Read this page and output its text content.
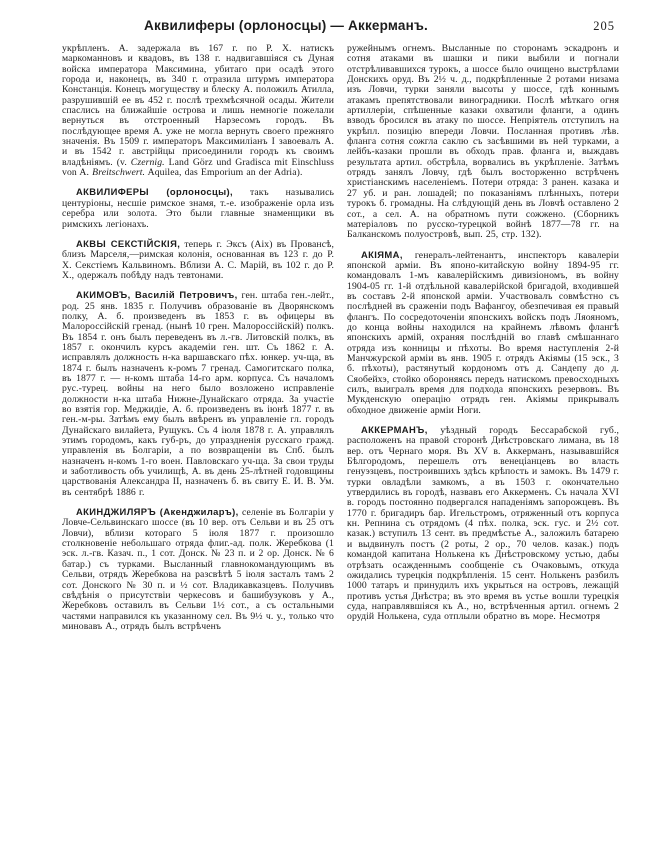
Аквилиферы (орлоносцы) — Аккерманъ.	205

укрѣпленъ. А. задержала въ 167 г. по Р. Х. натискъ маркоманновъ и квадовъ, въ 138 г. надвигавшіяся съ Дуная войска императора Максимина, убитаго при осадѣ этого города и, наконецъ, въ 340 г. отразила штурмъ императора Констанція. Конецъ могуществу и блеску А. положилъ Атилла, разрушившій ее въ 452 г. послѣ трехмѣсячной осады. Жители спаслись на ближайшіе острова и лишь немногіе пожелали вернуться въ отстроенный Нарзесомъ городъ. Въ послѣдующее время А. уже не могла вернуть своего прежняго значенія. Въ 1509 г. императоръ Максимиліанъ I завоевалъ А. и въ 1542 г. австрійцы присоединили городъ къ своимъ владѣніямъ. (v. Czernig. Land Görz und Gradisca mit Einschluss von A. Breitschwert. Aquilea, das Emporium an der Adria).

АКВИЛИФЕРЫ (орлоносцы), такъ назывались центуріоны, несшіе римское знамя, т.-е. изображеніе орла изъ серебра или золота. Это были главные знаменщики въ римскихъ легіонахъ.

АКВЫ СЕКСТІЙСКІЯ, теперь г. Эксъ (Aix) въ Провансѣ, близъ Марселя,—римская колонія, основанная въ 123 г. до Р. Х. Секстіемъ Кальвиномъ. Вблизи А. С. Марій, въ 102 г. до Р. Х., одержалъ побѣду надъ тевтонами.

АКИМОВЪ, Василій Петровичъ, ген. штаба ген.-лейт., род. 25 янв. 1835 г. Получивъ образованіе въ Дворянскомъ полку, А. б. произведенъ въ 1853 г. въ офицеры въ Малороссійскій гренад. (нынѣ 10 грен. Малороссійскій) полкъ. Въ 1854 г. онъ былъ переведенъ въ л.-гв. Литовскій полкъ, въ 1857 г. окончилъ курсъ академіи ген. шт. Съ 1862 г. А. исправлялъ должность н-ка варшавскаго пѣх. юнкер. уч-ща, въ 1874 г. былъ назначенъ к-ромъ 7 гренад. Самогитскаго полка, въ 1877 г. — н-комъ штаба 14-го арм. корпуса. Съ началомъ рус.-турец. войны на него было возложено исправленіе должности н-ка штаба Нижне-Дунайскаго отряда. За участіе во взятія гор. Меджидіе, А. б. произведенъ въ іюнѣ 1877 г. въ ген.-м-ры. Затѣмъ ему былъ ввѣренъ въ управленіе гл. городъ Дунайскаго вилайета, Рущукъ. Съ 4 іюля 1878 г. А. управлялъ этимъ городомъ, какъ губ-ръ, до упраздненія русскаго гражд. управленія въ Болгаріи, а по возвращеніи въ Спб. былъ назначенъ н-комъ 1-го воен. Павловскаго уч-ща. За свои труды и заботливость объ училищѣ, А. въ день 25-лѣтней годовщины царствованія Александра II, назначенъ б. въ свиту Е. И. В. Ум. въ сентябрѣ 1886 г.

АКИНДЖИЛЯРЪ (Акенджиларъ), селеніе въ Болгаріи у Ловче-Сельвинскаго шоссе (въ 10 вер. отъ Сельви и въ 25 отъ Ловчи), вблизи котораго 5 іюля 1877 г. произошло столкновеніе небольшаго отряда флиг.-ад. полк. Жеребкова (1 эск. л.-гв. Казач. п., 1 сот. Донск. № 23 п. и 2 ор. Донск. № 6 батар.) съ турками. Высланный главнокомандующимъ въ Сельви, отрядъ Жеребкова на разсвѣтѣ 5 іюля засталъ тамъ 2 сот. Донского № 30 п. и ½ сот. Владикавказцевъ. Получивъ свѣдѣнія о присутствіи черкесовъ и башибузуковъ у А., Жеребковъ оставилъ въ Сельви 1½ сот., а съ остальными частями направился къ указанному сел. Въ 9½ ч. у., только что миновавъ А., отрядъ былъ встрѣченъ

ружейнымъ огнемъ. Высланные по сторонамъ эскадронъ и сотня атаками въ шашки и пики выбили и погнали отстрѣливавшихся турокъ, а шоссе было очищено выстрѣлами Донскихъ оруд. Въ 2½ ч. д., подкрѣпленные 2 ротами низама изъ Ловчи, турки заняли высоты у шоссе, гдѣ коннымъ атакамъ препятствовали виноградники. Послѣ мѣткаго огня артиллеріи, спѣшенные казаки охватили фланги, а одинъ взводъ бросился въ атаку по шоссе. Непріятель отступилъ на укрѣпл. позицію впереди Ловчи. Посланная противъ лѣв. фланга сотня сожгла саклю съ засѣвшими въ ней турками, а лейбъ-казаки прошли въ обходъ прав. фланга и, выждавъ результата артил. обстрѣла, ворвались въ укрѣпленіе. Затѣмъ отрядъ занялъ Ловчу, гдѣ былъ восторженно встрѣченъ христіанскимъ населеніемъ. Потери отряда: 3 ранен. казака и 27 уб. и ран. лошадей; по показаніямъ плѣнныхъ, потери турокъ б. громадны. На слѣдующій день въ Ловчѣ оставлено 2 сот., а сел. А. на обратномъ пути сожжено. (Сборникъ матеріаловъ по русско-турецкой войнѣ 1877—78 гг. на Балканскомъ полуостровѣ, вып. 25, стр. 132).

АКІЯМА, генералъ-лейтенантъ, инспекторъ кавалеріи японской арміи. Въ японо-китайскую войну 1894-95 гг. командовалъ 1-мъ кавалерійскимъ дивизіономъ, въ войну 1904-05 гг. 1-й отдѣльной кавалерійской бригадой, входившей въ составъ 2-й японской арміи. Участвовалъ совмѣстно съ послѣдней въ сраженіи подъ Вафангоу, обезпечивая ея правый флангъ. По сосредоточеніи японскихъ войскъ подъ Ляояномъ, до конца войны находился на крайнемъ лѣвомъ флангѣ японскихъ армій, охраняя послѣдній во главѣ смѣшаннаго отряда изъ конницы и пѣхоты. Во время наступленія 2-й Манчжурской арміи въ янв. 1905 г. отрядъ Акіямы (15 эск., 3 б. пѣхоты), растянутый кордономъ отъ д. Сандепу до д. Сяобейхэ, стойко обороняясь передъ натискомъ превосходныхъ силъ, выигралъ время для подхода японскихъ резервовъ. Въ Мукденскую операцію отрядъ ген. Акіямы прикрывалъ обходное движеніе арміи Ноги.

АККЕРМАНЪ, уѣздный городъ Бессарабской губ., расположенъ на правой сторонѣ Днѣстровскаго лимана, въ 18 вер. отъ Чернаго моря. Въ XV в. Аккерманъ, называвшійся Бѣлгородомъ, перешелъ отъ венеціанцевъ во власть генуэзцевъ, построившихъ здѣсь крѣпость и замокъ. Въ 1479 г. турки овладѣли замкомъ, а въ 1503 г. окончательно утвердились въ городѣ, назвавъ его Аккерменъ. Съ начала XVI в. городъ постоянно подвергался нападеніямъ запорожцевъ. Въ 1770 г. бригадиръ бар. Игельстромъ, отряженный отъ корпуса кн. Репнина съ отрядомъ (4 пѣх. полка, эск. гус. и 2½ сот. казак.) вступилъ 13 сент. въ предмѣстье А., заложилъ батарею и выдвинулъ постъ (2 роты, 2 ор., 70 челов. казак.) подъ командой капитана Нолькена къ Днѣстровскому устью, дабы отрѣзать осажденнымъ сообщеніе съ Очаковымъ, откуда ожидались турецкія подкрѣпленія. 15 сент. Нолькенъ разбилъ 1000 татаръ и принудилъ ихъ укрыться на островъ, лежащій противъ устья Днѣстра; въ это время въ устье вошли турецкія суда, направлявшіяся къ А., но, встрѣченныя артил. огнемъ 2 орудій Нолькена, суда отплыли обратно въ море. Несмотря
